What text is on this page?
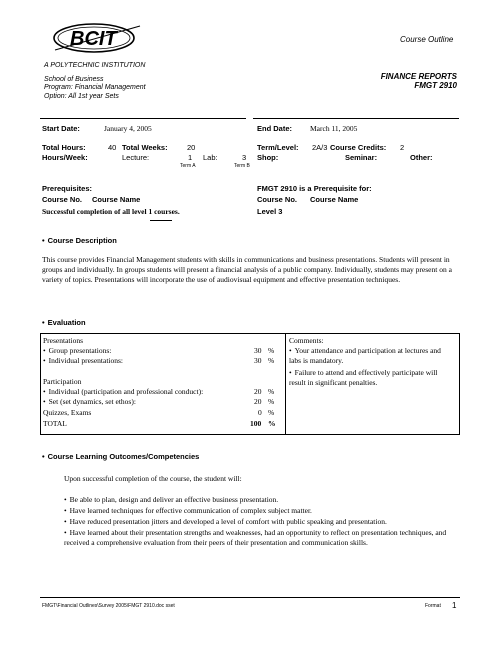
BCIT
A POLYTECHNIC INSTITUTION
School of Business
Program: Financial Management
Option: All 1st year Sets
Course Outline
FINANCE REPORTS
FMGT 2910
Start Date:	January 4, 2005	End Date: March 11, 2005
Total Hours:	40 Total Weeks:	20	Term/Level: 2A/3 Course Credits: 2
Hours/Week:	Lecture:	1 Lab:	3
Term A	Term B
Shop:	Seminar:	Other:
Prerequisites:
Course No. Course Name
Successful completion of all level 1 courses.
FMGT 2910 is a Prerequisite for:
Course No. Course Name
Level 3
• Course Description
This course provides Financial Management students with skills in communications and business presentations. Students will present in groups and individually. In groups students will present a financial analysis of a public company. Individually, students may present on a variety of topics. Presentations will incorporate the use of audiovisual equipment and effective presentation techniques.
• Evaluation
Presentations
• Group presentations:	30 %
• Individual presentations:	30 %
Participation
• Individual (participation and professional conduct):	20 %
• Set (set dynamics, set ethos):	20 %
Quizzes, Exams	0 %
TOTAL	100 %
Comments:
• Your attendance and participation at lectures and labs is mandatory.
• Failure to attend and effectively participate will result in significant penalties.
• Course Learning Outcomes/Competencies
Upon successful completion of the course, the student will:
• Be able to plan, design and deliver an effective business presentation.
• Have learned techniques for effective communication of complex subject matter.
• Have reduced presentation jitters and developed a level of comfort with public speaking and presentation.
• Have learned about their presentation strengths and weaknesses, had an opportunity to reflect on presentation techniques, and received a comprehensive evaluation from their peers of their presentation and communication skills.
FMGT\Financial Outlines\Survey 2005\FMGT 2910.doc sset	Format 1
